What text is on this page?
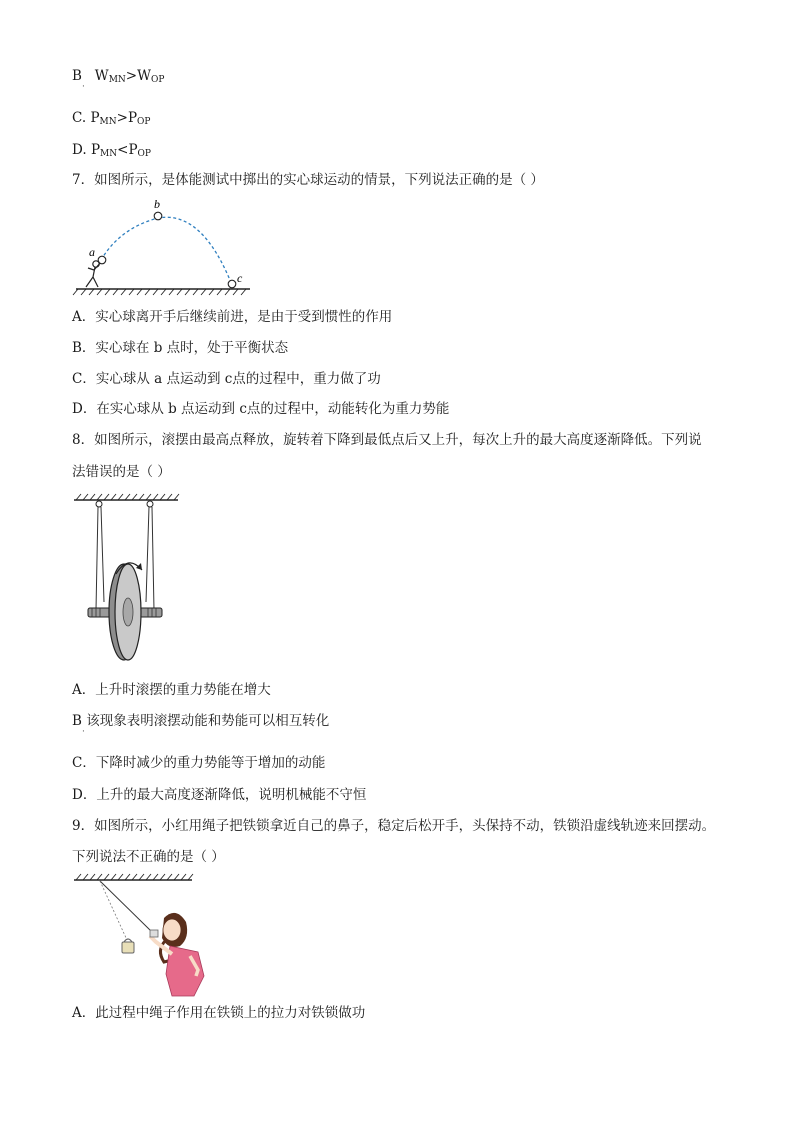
B $W_{MN}>W_{OP}$
·
C. $P_{MN}>P_{OP}$
D. $P_{MN}<P_{OP}$
7．如图所示，是体能测试中掷出的实心球运动的情景，下列说法正确的是（ ）
a
b
c
A．实心球离开手后继续前进，是由于受到惯性的作用
B．实心球在 b 点时，处于平衡状态
C．实心球从 a 点运动到 c点的过程中，重力做了功
D．在实心球从 b 点运动到 c点的过程中，动能转化为重力势能
8．如图所示，滚摆由最高点释放，旋转着下降到最低点后又上升，每次上升的最大高度逐渐降低。下列说
法错误的是（ ）
A．上升时滚摆的重力势能在增大
B 该现象表明滚摆动能和势能可以相互转化
·
C．下降时减少的重力势能等于增加的动能
D．上升的最大高度逐渐降低，说明机械能不守恒
9．如图所示，小红用绳子把铁锁拿近自己的鼻子，稳定后松开手，头保持不动，铁锁沿虚线轨迹来回摆动。
下列说法不正确的是（ ）
A．此过程中绳子作用在铁锁上的拉力对铁锁做功
